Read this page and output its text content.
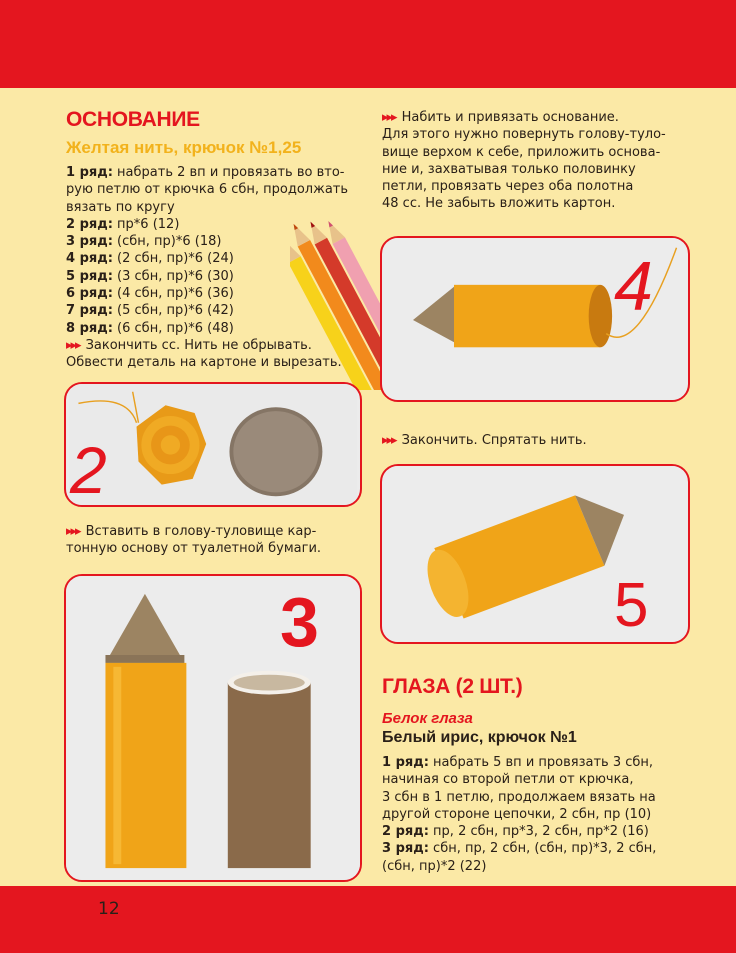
ОСНОВАНИЕ
Желтая нить, крючок №1,25
1 ряд: набрать 2 вп и провязать во вто-
рую петлю от крючка 6 сбн, продолжать
вязать по кругу
2 ряд: пр*6 (12)
3 ряд: (сбн, пр)*6 (18)
4 ряд: (2 сбн, пр)*6 (24)
5 ряд: (3 сбн, пр)*6 (30)
6 ряд: (4 сбн, пр)*6 (36)
7 ряд: (5 сбн, пр)*6 (42)
8 ряд: (6 сбн, пр)*6 (48)
▸▸▸ Закончить сс. Нить не обрывать.
Обвести деталь на картоне и вырезать.
2
▸▸▸ Вставить в голову-туловище кар-
тонную основу от туалетной бумаги.
3
▸▸▸ Набить и привязать основание.
Для этого нужно повернуть голову-туло-
вище верхом к себе, приложить основа-
ние и, захватывая только половинку
петли, провязать через оба полотна
48 сс. Не забыть вложить картон.
4
▸▸▸ Закончить. Спрятать нить.
5
ГЛАЗА (2 ШТ.)
Белок глаза
Белый ирис, крючок №1
1 ряд: набрать 5 вп и провязать 3 сбн,
начиная со второй петли от крючка,
3 сбн в 1 петлю, продолжаем вязать на
другой стороне цепочки, 2 сбн, пр (10)
2 ряд: пр, 2 сбн, пр*3, 2 сбн, пр*2 (16)
3 ряд: сбн, пр, 2 сбн, (сбн, пр)*3, 2 сбн,
(сбн, пр)*2 (22)
12
